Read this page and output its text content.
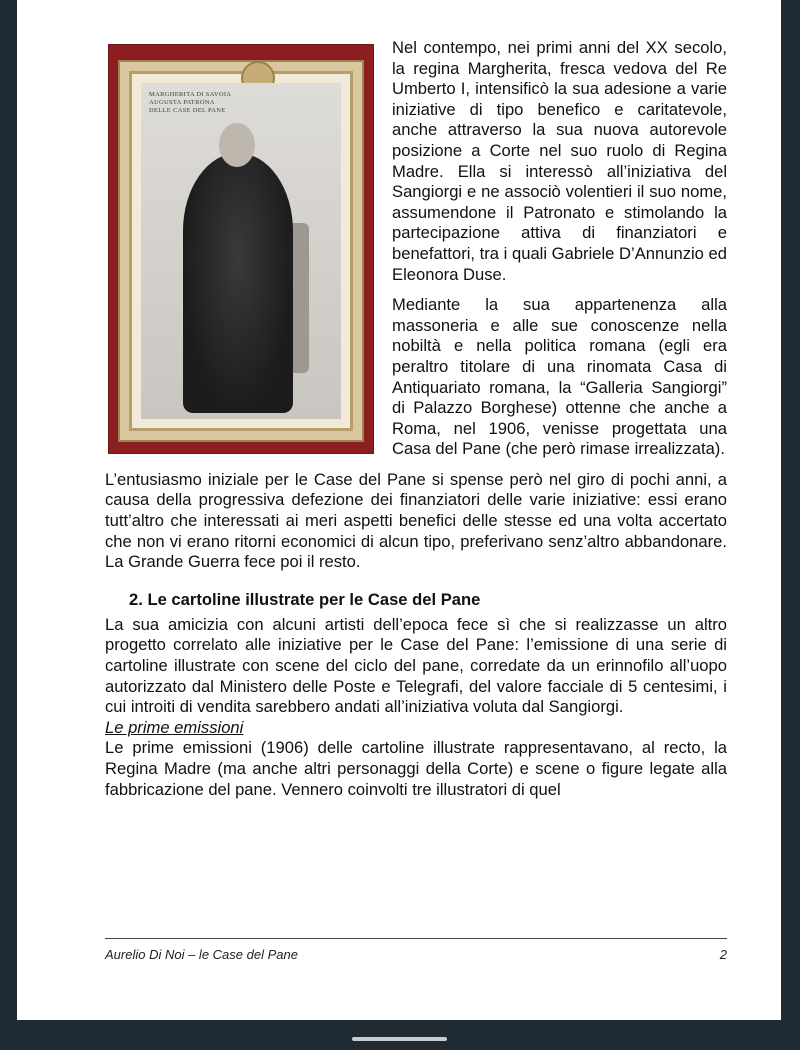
MARGHERITA DI SAVOIA
AUGUSTA PATRONA
DELLE CASE DEL PANE

Nel contempo, nei primi anni del XX secolo, la regina Margherita, fresca vedova del Re Umberto I, intensificò la sua adesione a varie iniziative di tipo benefico e caritatevole, anche attraverso la sua nuova autorevole posizione a Corte nel suo ruolo di Regina Madre. Ella si interessò all’iniziativa del Sangiorgi e ne associò volentieri il suo nome, assumendone il Patronato e stimolando la partecipazione attiva di finanziatori e benefattori, tra i quali Gabriele D’Annunzio ed Eleonora Duse.

Mediante la sua appartenenza alla massoneria e alle sue conoscenze nella nobiltà e nella politica romana (egli era peraltro titolare di una rinomata Casa di Antiquariato romana, la “Galleria Sangiorgi” di Palazzo Borghese) ottenne che anche a Roma, nel 1906, venisse progettata una Casa del Pane (che però rimase irrealizzata).

L’entusiasmo iniziale per le Case del Pane si spense però nel giro di pochi anni, a causa della progressiva defezione dei finanziatori delle varie iniziative: essi erano tutt’altro che interessati ai meri aspetti benefici delle stesse ed una volta accertato che non vi erano ritorni economici di alcun tipo, preferivano senz’altro abbandonare. La Grande Guerra fece poi il resto.

2. Le cartoline illustrate per le Case del Pane

La sua amicizia con alcuni artisti dell’epoca fece sì che si realizzasse un altro progetto correlato alle iniziative per le Case del Pane: l’emissione di una serie di cartoline illustrate con scene del ciclo del pane, corredate da un erinnofilo all’uopo autorizzato dal Ministero delle Poste e Telegrafi, del valore facciale di 5 centesimi, i cui introiti di vendita sarebbero andati all’iniziativa voluta dal Sangiorgi.

Le prime emissioni

Le prime emissioni (1906) delle cartoline illustrate rappresentavano, al recto, la Regina Madre (ma anche altri personaggi della Corte) e scene o figure legate alla fabbricazione del pane. Vennero coinvolti tre illustratori di quel

Aurelio Di Noi – le Case del Pane	2
